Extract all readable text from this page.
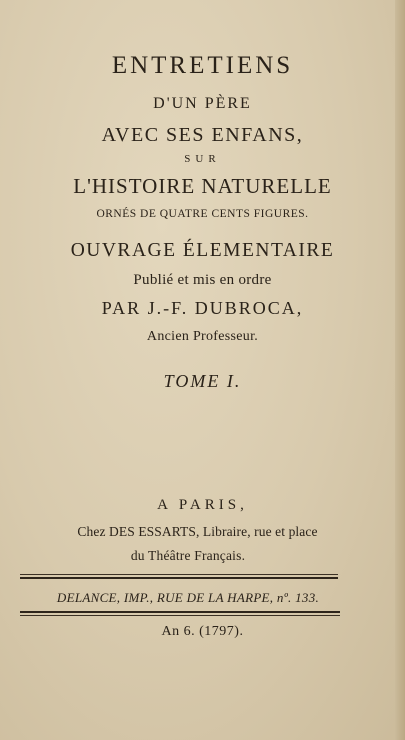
ENTRETIENS
D'UN PÈRE
AVEC SES ENFANS,
SUR
L'HISTOIRE NATURELLE
ORNÉS DE QUATRE CENTS FIGURES.
OUVRAGE ÉLEMENTAIRE
Publié et mis en ordre
PAR J.-F. DUBROCA,
Ancien Professeur.
TOME I.
A PARIS,
Chez DES ESSARTS, Libraire, rue et place
du Théâtre Français.
DELANCE, IMP., RUE DE LA HARPE, nº. 133.
An 6. (1797).
